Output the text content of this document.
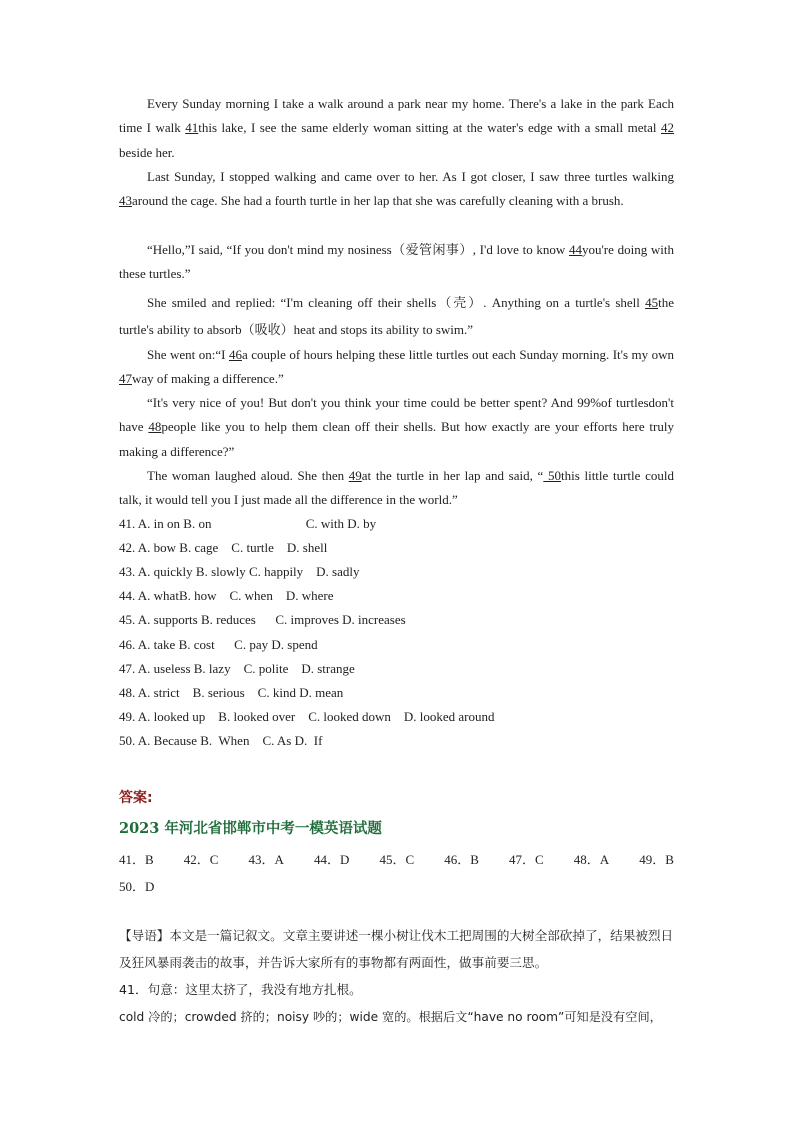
Every Sunday morning I take a walk around a park near my home. There's a lake in the park Each time I walk 41this lake, I see the same elderly woman sitting at the water's edge with a small metal 42 beside her.
Last Sunday, I stopped walking and came over to her. As I got closer, I saw three turtles walking 43around the cage. She had a fourth turtle in her lap that she was carefully cleaning with a brush.
“Hello,”I said, “If you don't mind my nosiness（爱管闲事）, I'd love to know 44you're doing with these turtles.”
She smiled and replied: “I'm cleaning off their shells（壳）. Anything on a turtle's shell 45the turtle's ability to absorb（吸收）heat and stops its ability to swim.”
She went on:“I 46a couple of hours helping these little turtles out each Sunday morning. It's my own 47way of making a difference.”
“It's very nice of you! But don't you think your time could be better spent? And 99%of turtlesdon't have 48people like you to help them clean off their shells. But how exactly are your efforts here truly making a difference?”
The woman laughed aloud. She then 49at the turtle in her lap and said, “ 50this little turtle could talk, it would tell you I just made all the difference in the world.”
41. A. in on B. on                             C. with D. by
42. A. bow B. cage    C. turtle    D. shell
43. A. quickly B. slowly C. happily    D. sadly
44. A. whatB. how    C. when    D. where
45. A. supports B. reduces      C. improves D. increases
46. A. take B. cost      C. pay D. spend
47. A. useless B. lazy    C. polite    D. strange
48. A. strict    B. serious    C. kind D. mean
49. A. looked up    B. looked over    C. looked down    D. looked around
50. A. Because B.  When    C. As D.  If
答案:
2023 年河北省邯郸市中考一模英语试题
41．B 42．C 43．A 44．D 45．C 46．B 47．C 48．A 49．B
50．D
【导语】本文是一篇记叙文。文章主要讲述一棵小树让伐木工把周围的大树全部砍掉了，结果被烈日及狂风暴雨袭击的故事，并告诉大家所有的事物都有两面性，做事前要三思。
41．句意：这里太挤了，我没有地方扎根。
cold 冷的；crowded 挤的；noisy 吵的；wide 宽的。根据后文“have no room”可知是没有空间，
